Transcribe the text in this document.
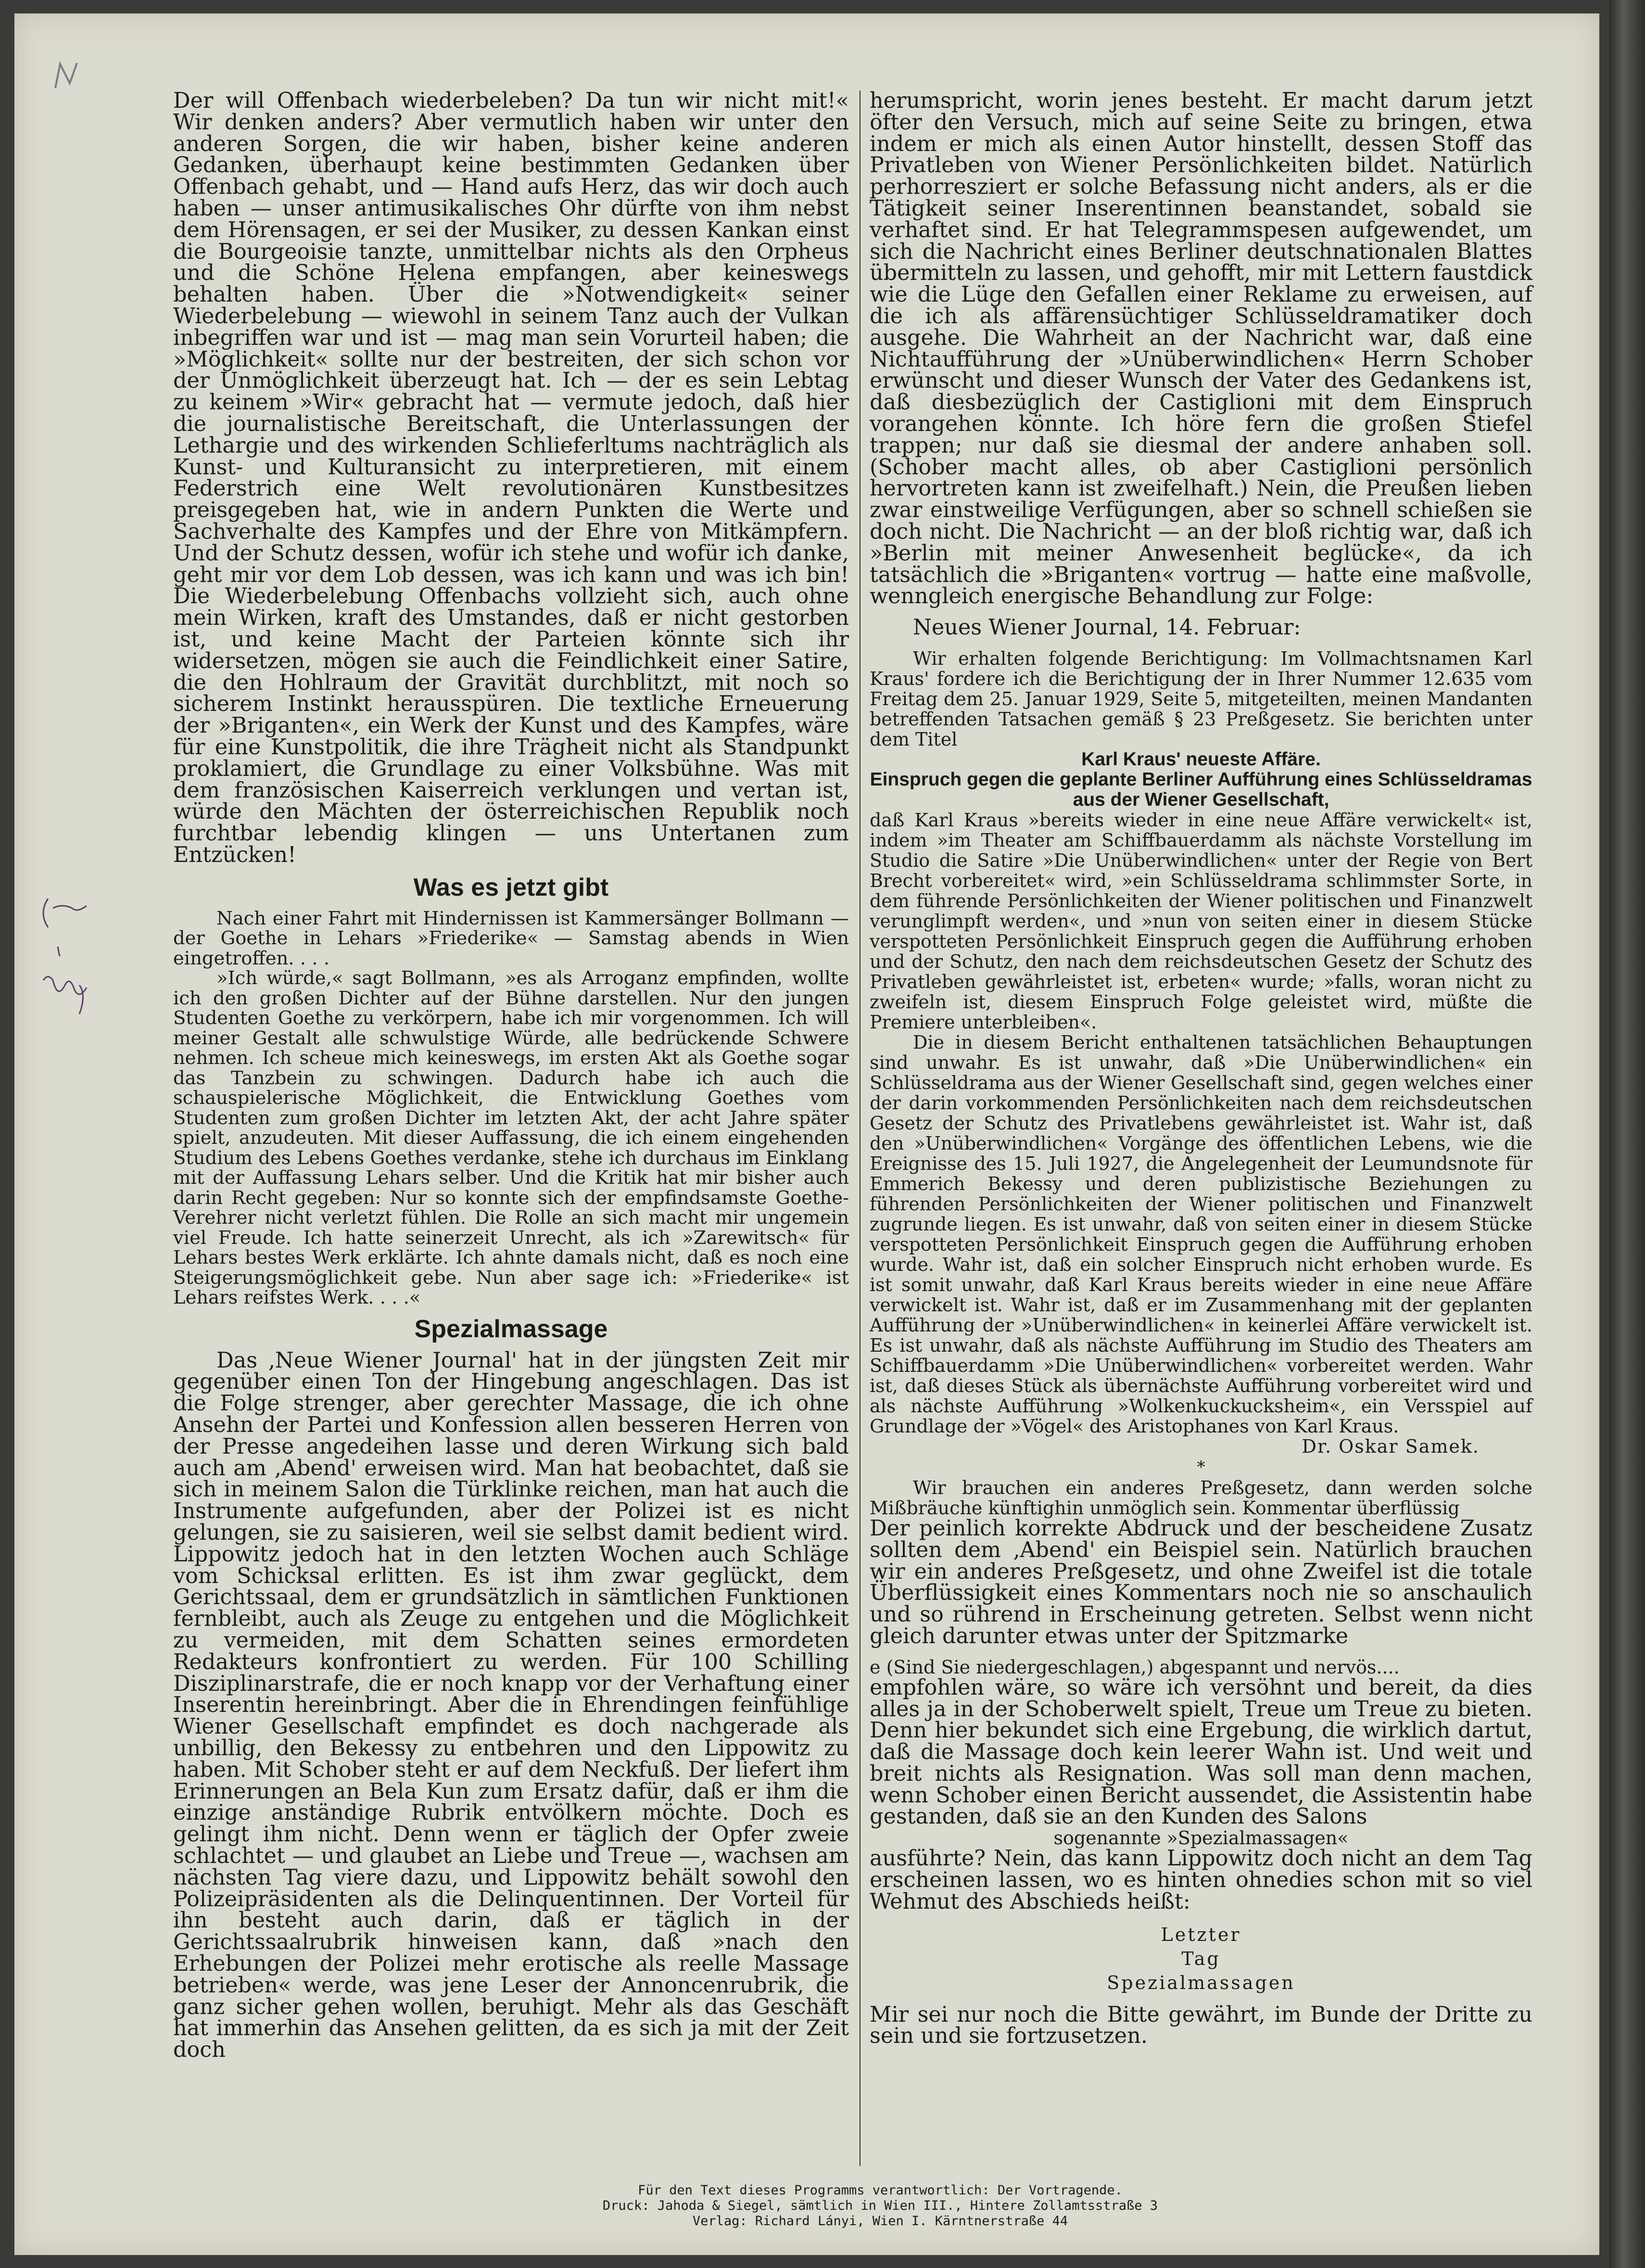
Der will Offenbach wiederbeleben? Da tun wir nicht mit!« Wir denken anders? Aber vermutlich haben wir unter den anderen Sorgen, die wir haben, bisher keine anderen Gedanken, überhaupt keine bestimmten Gedanken über Offenbach gehabt, und — Hand aufs Herz, das wir doch auch haben — unser antimusikalisches Ohr dürfte von ihm nebst dem Hörensagen, er sei der Musiker, zu dessen Kankan einst die Bourgeoisie tanzte, unmittelbar nichts als den Orpheus und die Schöne Helena empfangen, aber keineswegs behalten haben. Über die »Notwendigkeit« seiner Wiederbelebung — wiewohl in seinem Tanz auch der Vulkan inbegriffen war und ist — mag man sein Vorurteil haben; die »Möglichkeit« sollte nur der bestreiten, der sich schon vor der Unmöglichkeit überzeugt hat. Ich — der es sein Lebtag zu keinem »Wir« gebracht hat — vermute jedoch, daß hier die journalistische Bereitschaft, die Unterlassungen der Lethargie und des wirkenden Schlieferltums nachträglich als Kunst- und Kulturansicht zu interpretieren, mit einem Federstrich eine Welt revolutionären Kunstbesitzes preisgegeben hat, wie in andern Punkten die Werte und Sachverhalte des Kampfes und der Ehre von Mitkämpfern. Und der Schutz dessen, wofür ich stehe und wofür ich danke, geht mir vor dem Lob dessen, was ich kann und was ich bin! Die Wiederbelebung Offenbachs vollzieht sich, auch ohne mein Wirken, kraft des Umstandes, daß er nicht gestorben ist, und keine Macht der Parteien könnte sich ihr widersetzen, mögen sie auch die Feindlichkeit einer Satire, die den Hohlraum der Gravität durchblitzt, mit noch so sicherem Instinkt herausspüren. Die textliche Erneuerung der »Briganten«, ein Werk der Kunst und des Kampfes, wäre für eine Kunstpolitik, die ihre Trägheit nicht als Standpunkt proklamiert, die Grundlage zu einer Volksbühne. Was mit dem französischen Kaiserreich verklungen und vertan ist, würde den Mächten der österreichischen Republik noch furchtbar lebendig klingen — uns Untertanen zum Entzücken!

Was es jetzt gibt

Nach einer Fahrt mit Hindernissen ist Kammersänger Bollmann — der Goethe in Lehars »Friederike« — Samstag abends in Wien eingetroffen. . . .

»Ich würde,« sagt Bollmann, »es als Arroganz empfinden, wollte ich den großen Dichter auf der Bühne darstellen. Nur den jungen Studenten Goethe zu verkörpern, habe ich mir vorgenommen. Ich will meiner Gestalt alle schwulstige Würde, alle bedrückende Schwere nehmen. Ich scheue mich keineswegs, im ersten Akt als Goethe sogar das Tanzbein zu schwingen. Dadurch habe ich auch die schauspielerische Möglichkeit, die Entwicklung Goethes vom Studenten zum großen Dichter im letzten Akt, der acht Jahre später spielt, anzudeuten. Mit dieser Auffassung, die ich einem eingehenden Studium des Lebens Goethes verdanke, stehe ich durchaus im Einklang mit der Auffassung Lehars selber. Und die Kritik hat mir bisher auch darin Recht gegeben: Nur so konnte sich der empfindsamste Goethe-Verehrer nicht verletzt fühlen. Die Rolle an sich macht mir ungemein viel Freude. Ich hatte seinerzeit Unrecht, als ich »Zarewitsch« für Lehars bestes Werk erklärte. Ich ahnte damals nicht, daß es noch eine Steigerungsmöglichkeit gebe. Nun aber sage ich: »Friederike« ist Lehars reifstes Werk. . . .«

Spezialmassage

Das ‚Neue Wiener Journal' hat in der jüngsten Zeit mir gegenüber einen Ton der Hingebung angeschlagen. Das ist die Folge strenger, aber gerechter Massage, die ich ohne Ansehn der Partei und Konfession allen besseren Herren von der Presse angedeihen lasse und deren Wirkung sich bald auch am ‚Abend' erweisen wird. Man hat beobachtet, daß sie sich in meinem Salon die Türklinke reichen, man hat auch die Instrumente aufgefunden, aber der Polizei ist es nicht gelungen, sie zu saisieren, weil sie selbst damit bedient wird. Lippowitz jedoch hat in den letzten Wochen auch Schläge vom Schicksal erlitten. Es ist ihm zwar geglückt, dem Gerichtssaal, dem er grundsätzlich in sämtlichen Funktionen fernbleibt, auch als Zeuge zu entgehen und die Möglichkeit zu vermeiden, mit dem Schatten seines ermordeten Redakteurs konfrontiert zu werden. Für 100 Schilling Disziplinarstrafe, die er noch knapp vor der Verhaftung einer Inserentin hereinbringt. Aber die in Ehrendingen feinfühlige Wiener Gesellschaft empfindet es doch nachgerade als unbillig, den Bekessy zu entbehren und den Lippowitz zu haben. Mit Schober steht er auf dem Neckfuß. Der liefert ihm Erinnerungen an Bela Kun zum Ersatz dafür, daß er ihm die einzige anständige Rubrik entvölkern möchte. Doch es gelingt ihm nicht. Denn wenn er täglich der Opfer zweie schlachtet — und glaubet an Liebe und Treue —, wachsen am nächsten Tag viere dazu, und Lippowitz behält sowohl den Polizeipräsidenten als die Delinquentinnen. Der Vorteil für ihn besteht auch darin, daß er täglich in der Gerichtssaalrubrik hinweisen kann, daß »nach den Erhebungen der Polizei mehr erotische als reelle Massage betrieben« werde, was jene Leser der Annoncenrubrik, die ganz sicher gehen wollen, beruhigt. Mehr als das Geschäft hat immerhin das Ansehen gelitten, da es sich ja mit der Zeit doch

herumspricht, worin jenes besteht. Er macht darum jetzt öfter den Versuch, mich auf seine Seite zu bringen, etwa indem er mich als einen Autor hinstellt, dessen Stoff das Privatleben von Wiener Persönlichkeiten bildet. Natürlich perhorresziert er solche Befassung nicht anders, als er die Tätigkeit seiner Inserentinnen beanstandet, sobald sie verhaftet sind. Er hat Telegrammspesen aufgewendet, um sich die Nachricht eines Berliner deutschnationalen Blattes übermitteln zu lassen, und gehofft, mir mit Lettern faustdick wie die Lüge den Gefallen einer Reklame zu erweisen, auf die ich als affärensüchtiger Schlüsseldramatiker doch ausgehe. Die Wahrheit an der Nachricht war, daß eine Nichtaufführung der »Unüberwindlichen« Herrn Schober erwünscht und dieser Wunsch der Vater des Gedankens ist, daß diesbezüglich der Castiglioni mit dem Einspruch vorangehen könnte. Ich höre fern die großen Stiefel trappen; nur daß sie diesmal der andere anhaben soll. (Schober macht alles, ob aber Castiglioni persönlich hervortreten kann ist zweifelhaft.) Nein, die Preußen lieben zwar einstweilige Verfügungen, aber so schnell schießen sie doch nicht. Die Nachricht — an der bloß richtig war, daß ich »Berlin mit meiner Anwesenheit beglücke«, da ich tatsächlich die »Briganten« vortrug — hatte eine maßvolle, wenngleich energische Behandlung zur Folge:

Neues Wiener Journal, 14. Februar:

Wir erhalten folgende Berichtigung: Im Vollmachtsnamen Karl Kraus' fordere ich die Berichtigung der in Ihrer Nummer 12.635 vom Freitag dem 25. Januar 1929, Seite 5, mitgeteilten, meinen Mandanten betreffenden Tatsachen gemäß § 23 Preßgesetz. Sie berichten unter dem Titel

Karl Kraus' neueste Affäre.

Einspruch gegen die geplante Berliner Aufführung eines Schlüsseldramas aus der Wiener Gesellschaft,

daß Karl Kraus »bereits wieder in eine neue Affäre verwickelt« ist, indem »im Theater am Schiffbauerdamm als nächste Vorstellung im Studio die Satire »Die Unüberwindlichen« unter der Regie von Bert Brecht vorbereitet« wird, »ein Schlüsseldrama schlimmster Sorte, in dem führende Persönlichkeiten der Wiener politischen und Finanzwelt verunglimpft werden«, und »nun von seiten einer in diesem Stücke verspotteten Persönlichkeit Einspruch gegen die Aufführung erhoben und der Schutz, den nach dem reichsdeutschen Gesetz der Schutz des Privatleben gewährleistet ist, erbeten« wurde; »falls, woran nicht zu zweifeln ist, diesem Einspruch Folge geleistet wird, müßte die Premiere unterbleiben«.

Die in diesem Bericht enthaltenen tatsächlichen Behauptungen sind unwahr. Es ist unwahr, daß »Die Unüberwindlichen« ein Schlüsseldrama aus der Wiener Gesellschaft sind, gegen welches einer der darin vorkommenden Persönlichkeiten nach dem reichsdeutschen Gesetz der Schutz des Privatlebens gewährleistet ist. Wahr ist, daß den »Unüberwindlichen« Vorgänge des öffentlichen Lebens, wie die Ereignisse des 15. Juli 1927, die Angelegenheit der Leumundsnote für Emmerich Bekessy und deren publizistische Beziehungen zu führenden Persönlichkeiten der Wiener politischen und Finanzwelt zugrunde liegen. Es ist unwahr, daß von seiten einer in diesem Stücke verspotteten Persönlichkeit Einspruch gegen die Aufführung erhoben wurde. Wahr ist, daß ein solcher Einspruch nicht erhoben wurde. Es ist somit unwahr, daß Karl Kraus bereits wieder in eine neue Affäre verwickelt ist. Wahr ist, daß er im Zusammenhang mit der geplanten Aufführung der »Unüberwindlichen« in keinerlei Affäre verwickelt ist. Es ist unwahr, daß als nächste Aufführung im Studio des Theaters am Schiffbauerdamm »Die Unüberwindlichen« vorbereitet werden. Wahr ist, daß dieses Stück als übernächste Aufführung vorbereitet wird und als nächste Aufführung »Wolkenkuckucksheim«, ein Versspiel auf Grundlage der »Vögel« des Aristophanes von Karl Kraus.

Dr. Oskar Samek.

*

Wir brauchen ein anderes Preßgesetz, dann werden solche Mißbräuche künftighin unmöglich sein. Kommentar überflüssig

Der peinlich korrekte Abdruck und der bescheidene Zusatz sollten dem ‚Abend' ein Beispiel sein. Natürlich brauchen wir ein anderes Preßgesetz, und ohne Zweifel ist die totale Überflüssigkeit eines Kommentars noch nie so anschaulich und so rührend in Erscheinung getreten. Selbst wenn nicht gleich darunter etwas unter der Spitzmarke

e (Sind Sie niedergeschlagen,) abgespannt und nervös....

empfohlen wäre, so wäre ich versöhnt und bereit, da dies alles ja in der Schoberwelt spielt, Treue um Treue zu bieten. Denn hier bekundet sich eine Ergebung, die wirklich dartut, daß die Massage doch kein leerer Wahn ist. Und weit und breit nichts als Resignation. Was soll man denn machen, wenn Schober einen Bericht aussendet, die Assistentin habe gestanden, daß sie an den Kunden des Salons

sogenannte »Spezialmassagen«

ausführte? Nein, das kann Lippowitz doch nicht an dem Tag erscheinen lassen, wo es hinten ohnedies schon mit so viel Wehmut des Abschieds heißt:

Letzter

Tag

Spezialmassagen

Mir sei nur noch die Bitte gewährt, im Bunde der Dritte zu sein und sie fortzusetzen.

Für den Text dieses Programms verantwortlich: Der Vortragende.
Druck: Jahoda & Siegel, sämtlich in Wien III., Hintere Zollamtsstraße 3
Verlag: Richard Lányi, Wien I. Kärntnerstraße 44
